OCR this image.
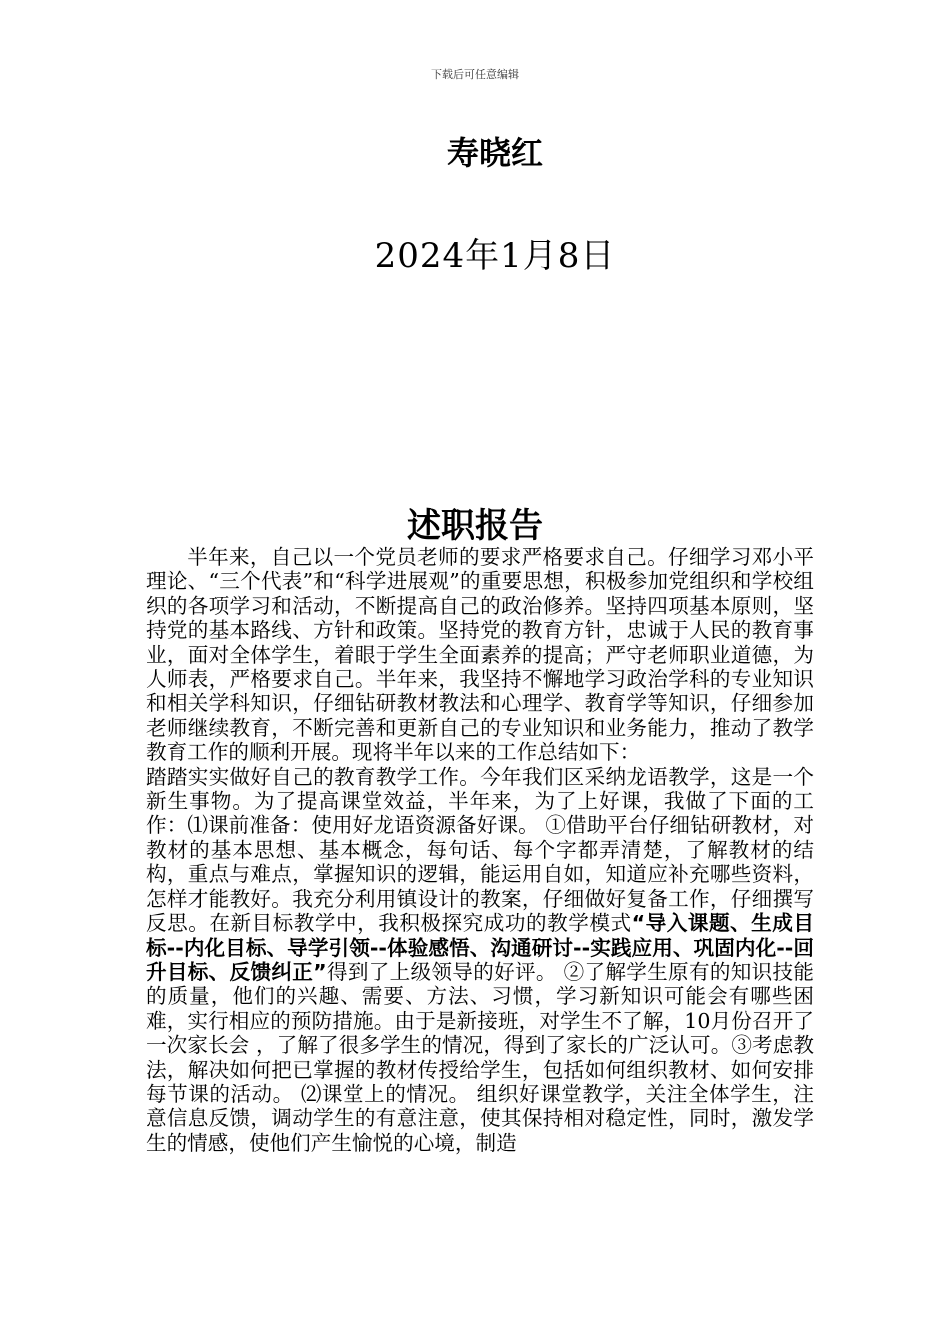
下载后可任意编辑
寿晓红
2024年1月8日
述职报告

半年来，自己以一个党员老师的要求严格要求自己。仔细学习邓小平理论、“三个代表”和“科学进展观”的重要思想，积极参加党组织和学校组织的各项学习和活动，不断提高自己的政治修养。坚持四项基本原则，坚持党的基本路线、方针和政策。坚持党的教育方针，忠诚于人民的教育事业，面对全体学生，着眼于学生全面素养的提高；严守老师职业道德，为人师表，严格要求自己。半年来，我坚持不懈地学习政治学科的专业知识和相关学科知识，仔细钻研教材教法和心理学、教育学等知识，仔细参加老师继续教育，不断完善和更新自己的专业知识和业务能力，推动了教学教育工作的顺利开展。现将半年以来的工作总结如下：

踏踏实实做好自己的教育教学工作。今年我们区采纳龙语教学，这是一个新生事物。为了提高课堂效益，半年来，为了上好课，我做了下面的工作：⑴课前准备：使用好龙语资源备好课。 ①借助平台仔细钻研教材，对教材的基本思想、基本概念，每句话、每个字都弄清楚，了解教材的结构，重点与难点，掌握知识的逻辑，能运用自如，知道应补充哪些资料，怎样才能教好。我充分利用镇设计的教案，仔细做好复备工作，仔细撰写反思。在新目标教学中，我积极探究成功的教学模式“导入课题、生成目标--内化目标、导学引领--体验感悟、沟通研讨--实践应用、巩固内化--回升目标、反馈纠正”得到了上级领导的好评。 ②了解学生原有的知识技能的质量，他们的兴趣、需要、方法、习惯，学习新知识可能会有哪些困难，实行相应的预防措施。由于是新接班，对学生不了解，10月份召开了一次家长会 ，了解了很多学生的情况，得到了家长的广泛认可。③考虑教法，解决如何把已掌握的教材传授给学生，包括如何组织教材、如何安排每节课的活动。 ⑵课堂上的情况。 组织好课堂教学，关注全体学生，注意信息反馈，调动学生的有意注意，使其保持相对稳定性，同时，激发学生的情感，使他们产生愉悦的心境，制造
